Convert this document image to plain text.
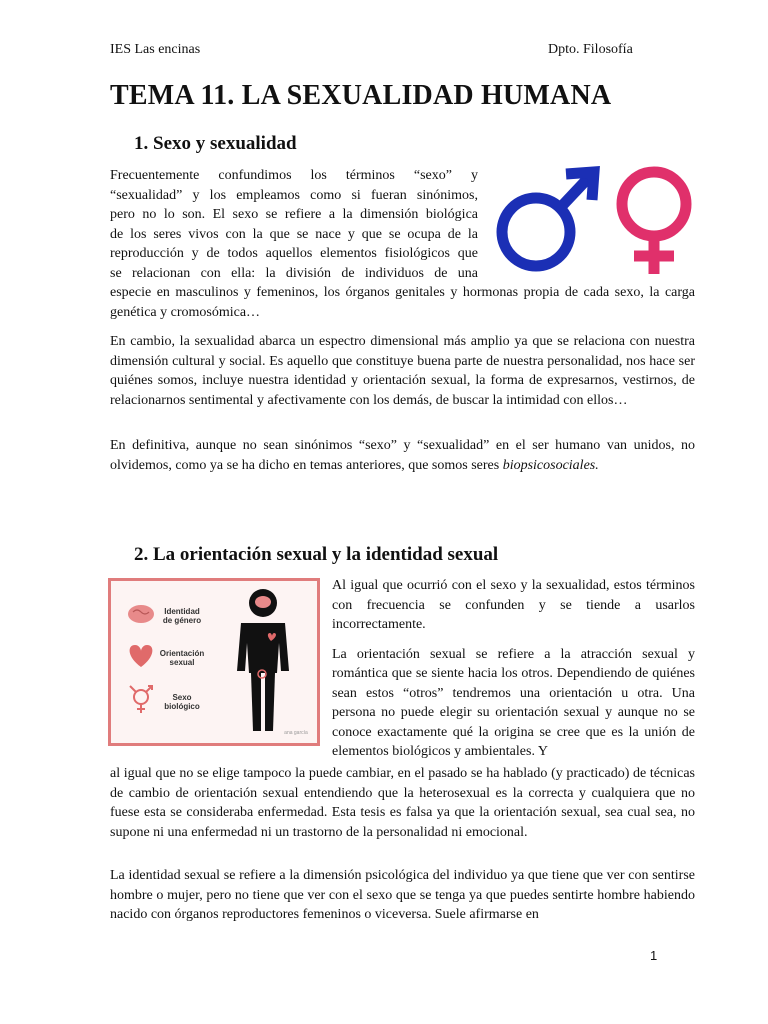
IES Las encinas	Dpto. Filosofía
TEMA 11. LA SEXUALIDAD HUMANA
1. Sexo y sexualidad
Frecuentemente confundimos los términos “sexo” y
“sexualidad” y los empleamos como si fueran sinónimos,
pero no lo son. El sexo se refiere a la dimensión biológica
de los seres vivos con la que se nace y que se ocupa de la
reproducción y de todos aquellos elementos fisiológicos que
se relacionan con ella: la división de individuos de una

especie en masculinos y femeninos, los órganos genitales y hormonas propia de cada sexo, la carga genética y cromosómica…

En cambio, la sexualidad abarca un espectro dimensional más amplio ya que se relaciona con nuestra dimensión cultural y social. Es aquello que constituye buena parte de nuestra personalidad, nos hace ser quiénes somos, incluye nuestra identidad y orientación sexual, la forma de expresarnos, vestirnos, de relacionarnos sentimental y afectivamente con los demás, de buscar la intimidad con ellos…

En definitiva, aunque no sean sinónimos “sexo” y “sexualidad” en el ser humano van unidos, no olvidemos, como ya se ha dicho en temas anteriores, que somos seres biopsicosociales.

2. La orientación sexual y la identidad sexual
Identidad de género
Orientación sexual
Sexo biológico
ana garcía

Al igual que ocurrió con el sexo y la sexualidad, estos términos con frecuencia se confunden y se tiende a usarlos incorrectamente.

La orientación sexual se refiere a la atracción sexual y romántica que se siente hacia los otros. Dependiendo de quiénes sean estos “otros” tendremos una orientación u otra. Una persona no puede elegir su orientación sexual y aunque no se conoce exactamente qué la origina se cree que es la unión de elementos biológicos y ambientales. Y

al igual que no se elige tampoco la puede cambiar, en el pasado se ha hablado (y practicado) de técnicas de cambio de orientación sexual entendiendo que la heterosexual es la correcta y cualquiera que no fuese esta se consideraba enfermedad. Esta tesis es falsa ya que la orientación sexual, sea cual sea, no supone ni una enfermedad ni un trastorno de la personalidad ni emocional.

La identidad sexual se refiere a la dimensión psicológica del individuo ya que tiene que ver con sentirse hombre o mujer, pero no tiene que ver con el sexo que se tenga ya que puedes sentirte hombre habiendo nacido con órganos reproductores femeninos o viceversa. Suele afirmarse en

1
